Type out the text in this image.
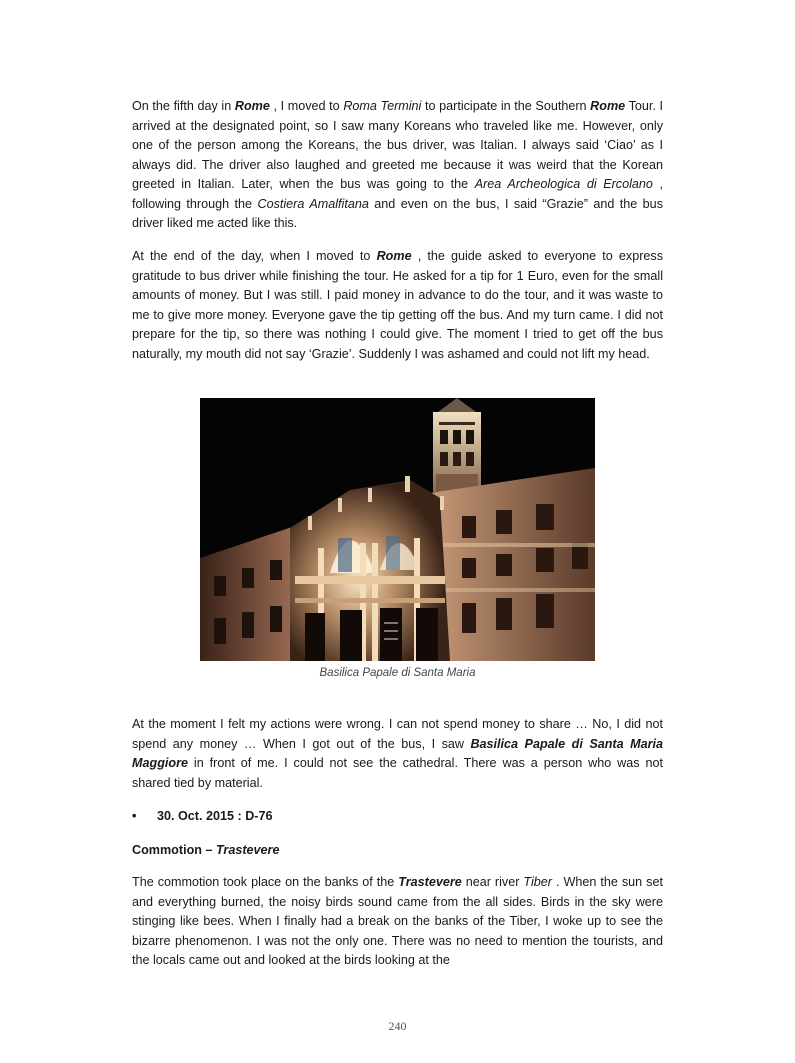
On the fifth day in Rome , I moved to Roma Termini to participate in the Southern Rome Tour. I arrived at the designated point, so I saw many Koreans who traveled like me. However, only one of the person among the Koreans, the bus driver, was Italian. I always said ‘Ciao’ as I always did. The driver also laughed and greeted me because it was weird that the Korean greeted in Italian. Later, when the bus was going to the Area Archeologica di Ercolano , following through the Costiera Amalfitana and even on the bus, I said “Grazie” and the bus driver liked me acted like this.

At the end of the day, when I moved to Rome , the guide asked to everyone to express gratitude to bus driver while finishing the tour. He asked for a tip for 1 Euro, even for the small amounts of money. But I was still. I paid money in advance to do the tour, and it was waste to me to give more money. Everyone gave the tip getting off the bus. And my turn came. I did not prepare for the tip, so there was nothing I could give. The moment I tried to get off the bus naturally, my mouth did not say ‘Grazie’. Suddenly I was ashamed and could not lift my head.

Basilica Papale di Santa Maria

At the moment I felt my actions were wrong. I can not spend money to share … No, I did not spend any money … When I got out of the bus, I saw Basilica Papale di Santa Maria Maggiore in front of me. I could not see the cathedral. There was a person who was not shared tied by material.

• 30. Oct. 2015 : D-76
Commotion – Trastevere

The commotion took place on the banks of the Trastevere near river Tiber . When the sun set and everything burned, the noisy birds sound came from the all sides. Birds in the sky were stinging like bees. When I finally had a break on the banks of the Tiber, I woke up to see the bizarre phenomenon. I was not the only one. There was no need to mention the tourists, and the locals came out and looked at the birds looking at the

240
